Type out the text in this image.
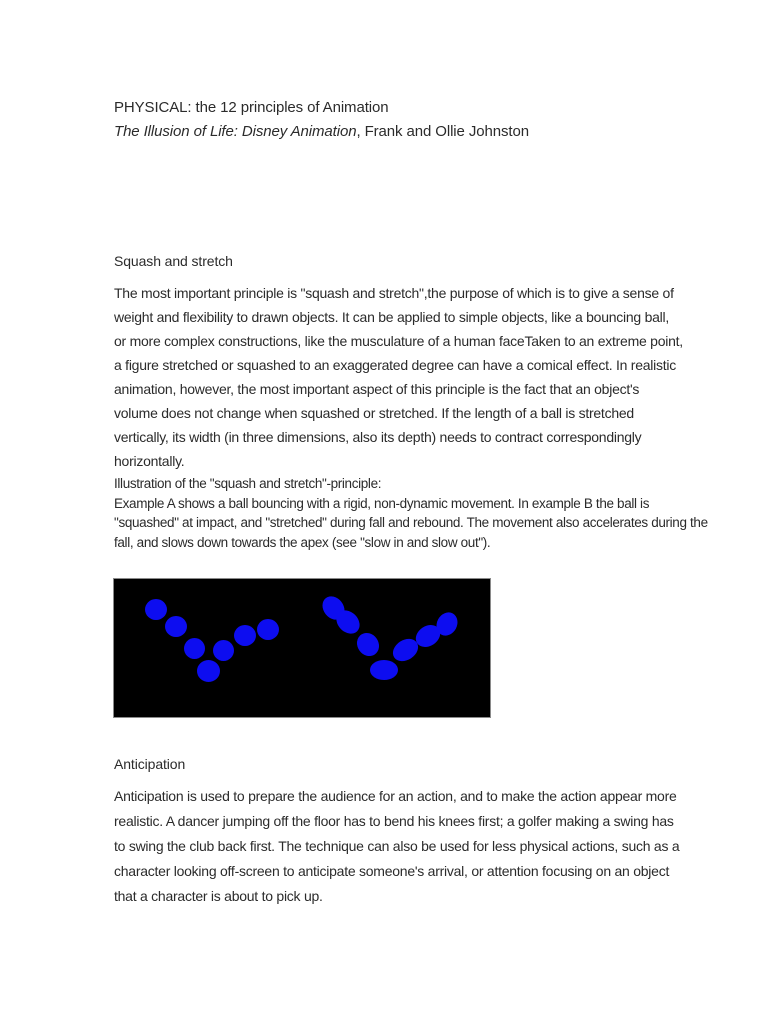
PHYSICAL: the 12 principles of Animation
The Illusion of Life: Disney Animation, Frank and Ollie Johnston
Squash and stretch
The most important principle is "squash and stretch",the purpose of which is to give a sense of
weight and flexibility to drawn objects. It can be applied to simple objects, like a bouncing ball,
or more complex constructions, like the musculature of a human faceTaken to an extreme point,
a figure stretched or squashed to an exaggerated degree can have a comical effect. In realistic
animation, however, the most important aspect of this principle is the fact that an object's
volume does not change when squashed or stretched. If the length of a ball is stretched
vertically, its width (in three dimensions, also its depth) needs to contract correspondingly
horizontally.
Illustration of the "squash and stretch"-principle:
Example A shows a ball bouncing with a rigid, non-dynamic movement. In example B the ball is
"squashed" at impact, and "stretched" during fall and rebound. The movement also accelerates during the
fall, and slows down towards the apex (see "slow in and slow out").
Anticipation
Anticipation is used to prepare the audience for an action, and to make the action appear more
realistic. A dancer jumping off the floor has to bend his knees first; a golfer making a swing has
to swing the club back first. The technique can also be used for less physical actions, such as a
character looking off-screen to anticipate someone's arrival, or attention focusing on an object
that a character is about to pick up.
